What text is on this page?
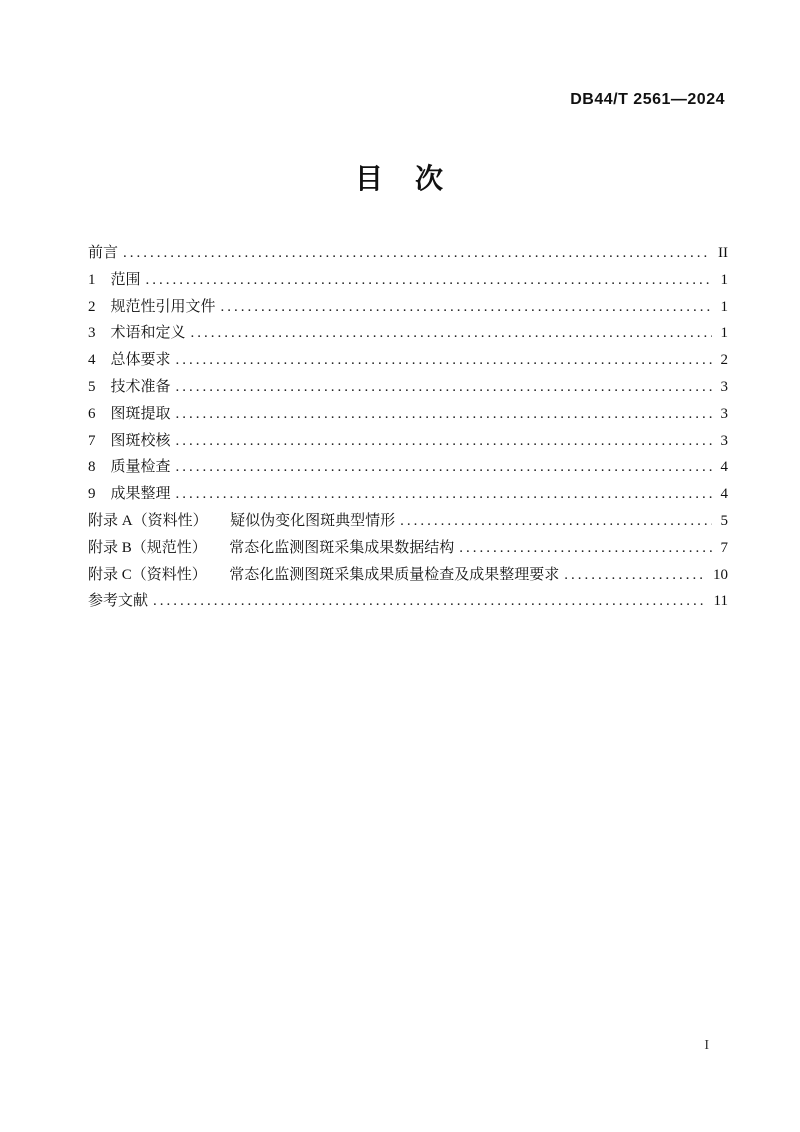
DB44/T 2561—2024
目　次
前言 .....	II
1　范围 .....	1
2　规范性引用文件 .....	1
3　术语和定义 .....	1
4　总体要求 .....	2
5　技术准备 .....	3
6　图斑提取 .....	3
7　图斑校核 .....	3
8　质量检查 .....	4
9　成果整理 .....	4
附录 A（资料性）　　疑似伪变化图斑典型情形 .....	5
附录 B（规范性）　　常态化监测图斑采集成果数据结构 .....	7
附录 C（资料性）　　常态化监测图斑采集成果质量检查及成果整理要求 .....	10
参考文献 .....	11
I
